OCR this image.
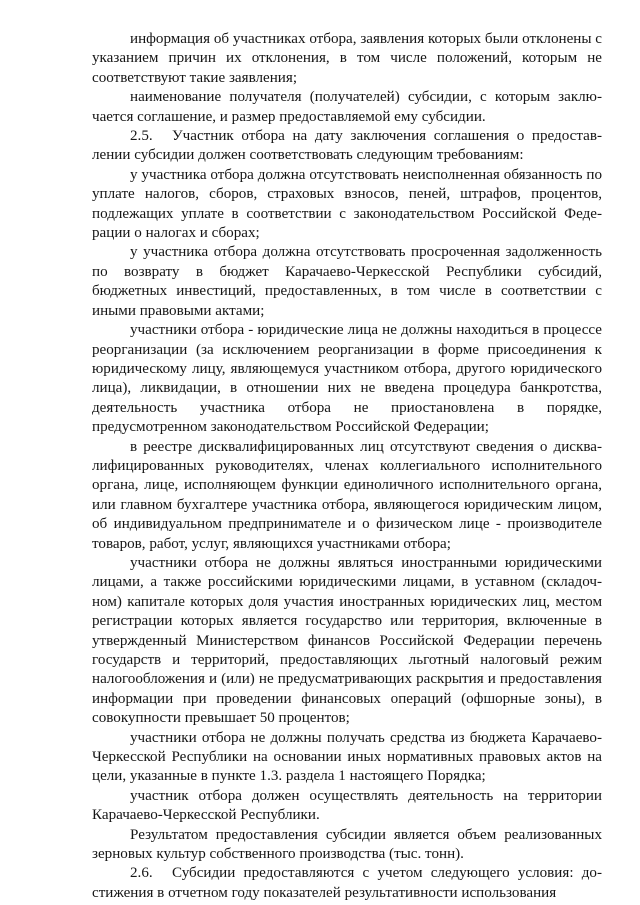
информация об участниках отбора, заявления которых были отклонены с указанием причин их отклонения, в том числе положений, которым не соответствуют такие заявления;

наименование получателя (получателей) субсидии, с которым заключается соглашение, и размер предоставляемой ему субсидии.

2.5. Участник отбора на дату заключения соглашения о предоставлении субсидии должен соответствовать следующим требованиям:

у участника отбора должна отсутствовать неисполненная обязанность по уплате налогов, сборов, страховых взносов, пеней, штрафов, процентов, подлежащих уплате в соответствии с законодательством Российской Федерации о налогах и сборах;

у участника отбора должна отсутствовать просроченная задолженность по возврату в бюджет Карачаево-Черкесской Республики субсидий, бюджетных инвестиций, предоставленных, в том числе в соответствии с иными правовыми актами;

участники отбора - юридические лица не должны находиться в процессе реорганизации (за исключением реорганизации в форме присоединения к юридическому лицу, являющемуся участником отбора, другого юридического лица), ликвидации, в отношении них не введена процедура банкротства, деятельность участника отбора не приостановлена в порядке, предусмотренном законодательством Российской Федерации;

в реестре дисквалифицированных лиц отсутствуют сведения о дисквалифицированных руководителях, членах коллегиального исполнительного органа, лице, исполняющем функции единоличного исполнительного органа, или главном бухгалтере участника отбора, являющегося юридическим лицом, об индивидуальном предпринимателе и о физическом лице - производителе товаров, работ, услуг, являющихся участниками отбора;

участники отбора не должны являться иностранными юридическими лицами, а также российскими юридическими лицами, в уставном (складочном) капитале которых доля участия иностранных юридических лиц, местом регистрации которых является государство или территория, включенные в утвержденный Министерством финансов Российской Федерации перечень государств и территорий, предоставляющих льготный налоговый режим налогообложения и (или) не предусматривающих раскрытия и предоставления информации при проведении финансовых операций (офшорные зоны), в совокупности превышает 50 процентов;

участники отбора не должны получать средства из бюджета Карачаево-Черкесской Республики на основании иных нормативных правовых актов на цели, указанные в пункте 1.3. раздела 1 настоящего Порядка;

участник отбора должен осуществлять деятельность на территории Карачаево-Черкесской Республики.

Результатом предоставления субсидии является объем реализованных зерновых культур собственного производства (тыс. тонн).

2.6. Субсидии предоставляются с учетом следующего условия: достижения в отчетном году показателей результативности использования
